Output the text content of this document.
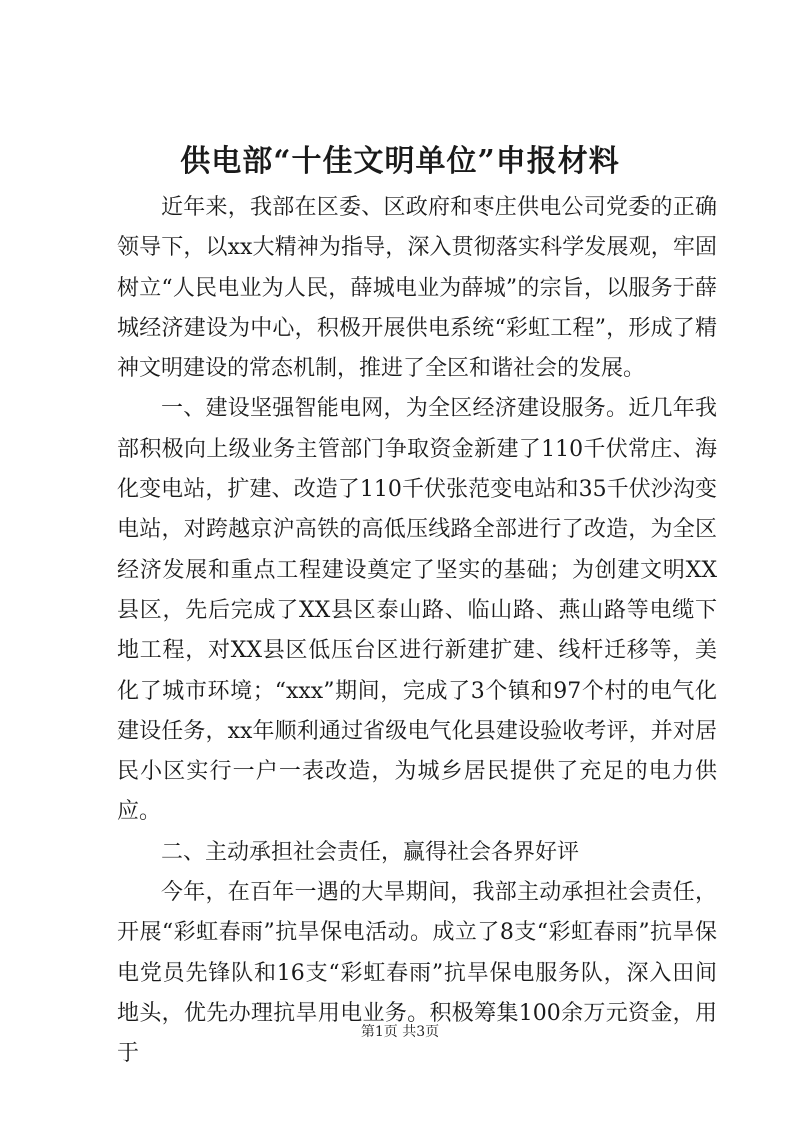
供电部“十佳文明单位”申报材料

近年来，我部在区委、区政府和枣庄供电公司党委的正确领导下，以xx大精神为指导，深入贯彻落实科学发展观，牢固树立“人民电业为人民，薛城电业为薛城”的宗旨，以服务于薛城经济建设为中心，积极开展供电系统“彩虹工程”，形成了精神文明建设的常态机制，推进了全区和谐社会的发展。

一、建设坚强智能电网，为全区经济建设服务。近几年我部积极向上级业务主管部门争取资金新建了110千伏常庄、海化变电站，扩建、改造了110千伏张范变电站和35千伏沙沟变电站，对跨越京沪高铁的高低压线路全部进行了改造，为全区经济发展和重点工程建设奠定了坚实的基础；为创建文明XX县区，先后完成了XX县区泰山路、临山路、燕山路等电缆下地工程，对XX县区低压台区进行新建扩建、线杆迁移等，美化了城市环境；“xxx”期间，完成了3个镇和97个村的电气化建设任务，xx年顺利通过省级电气化县建设验收考评，并对居民小区实行一户一表改造，为城乡居民提供了充足的电力供应。

二、主动承担社会责任，赢得社会各界好评

今年，在百年一遇的大旱期间，我部主动承担社会责任，开展“彩虹春雨”抗旱保电活动。成立了8支“彩虹春雨”抗旱保电党员先锋队和16支“彩虹春雨”抗旱保电服务队，深入田间地头，优先办理抗旱用电业务。积极筹集100余万元资金，用于

第1页 共3页
